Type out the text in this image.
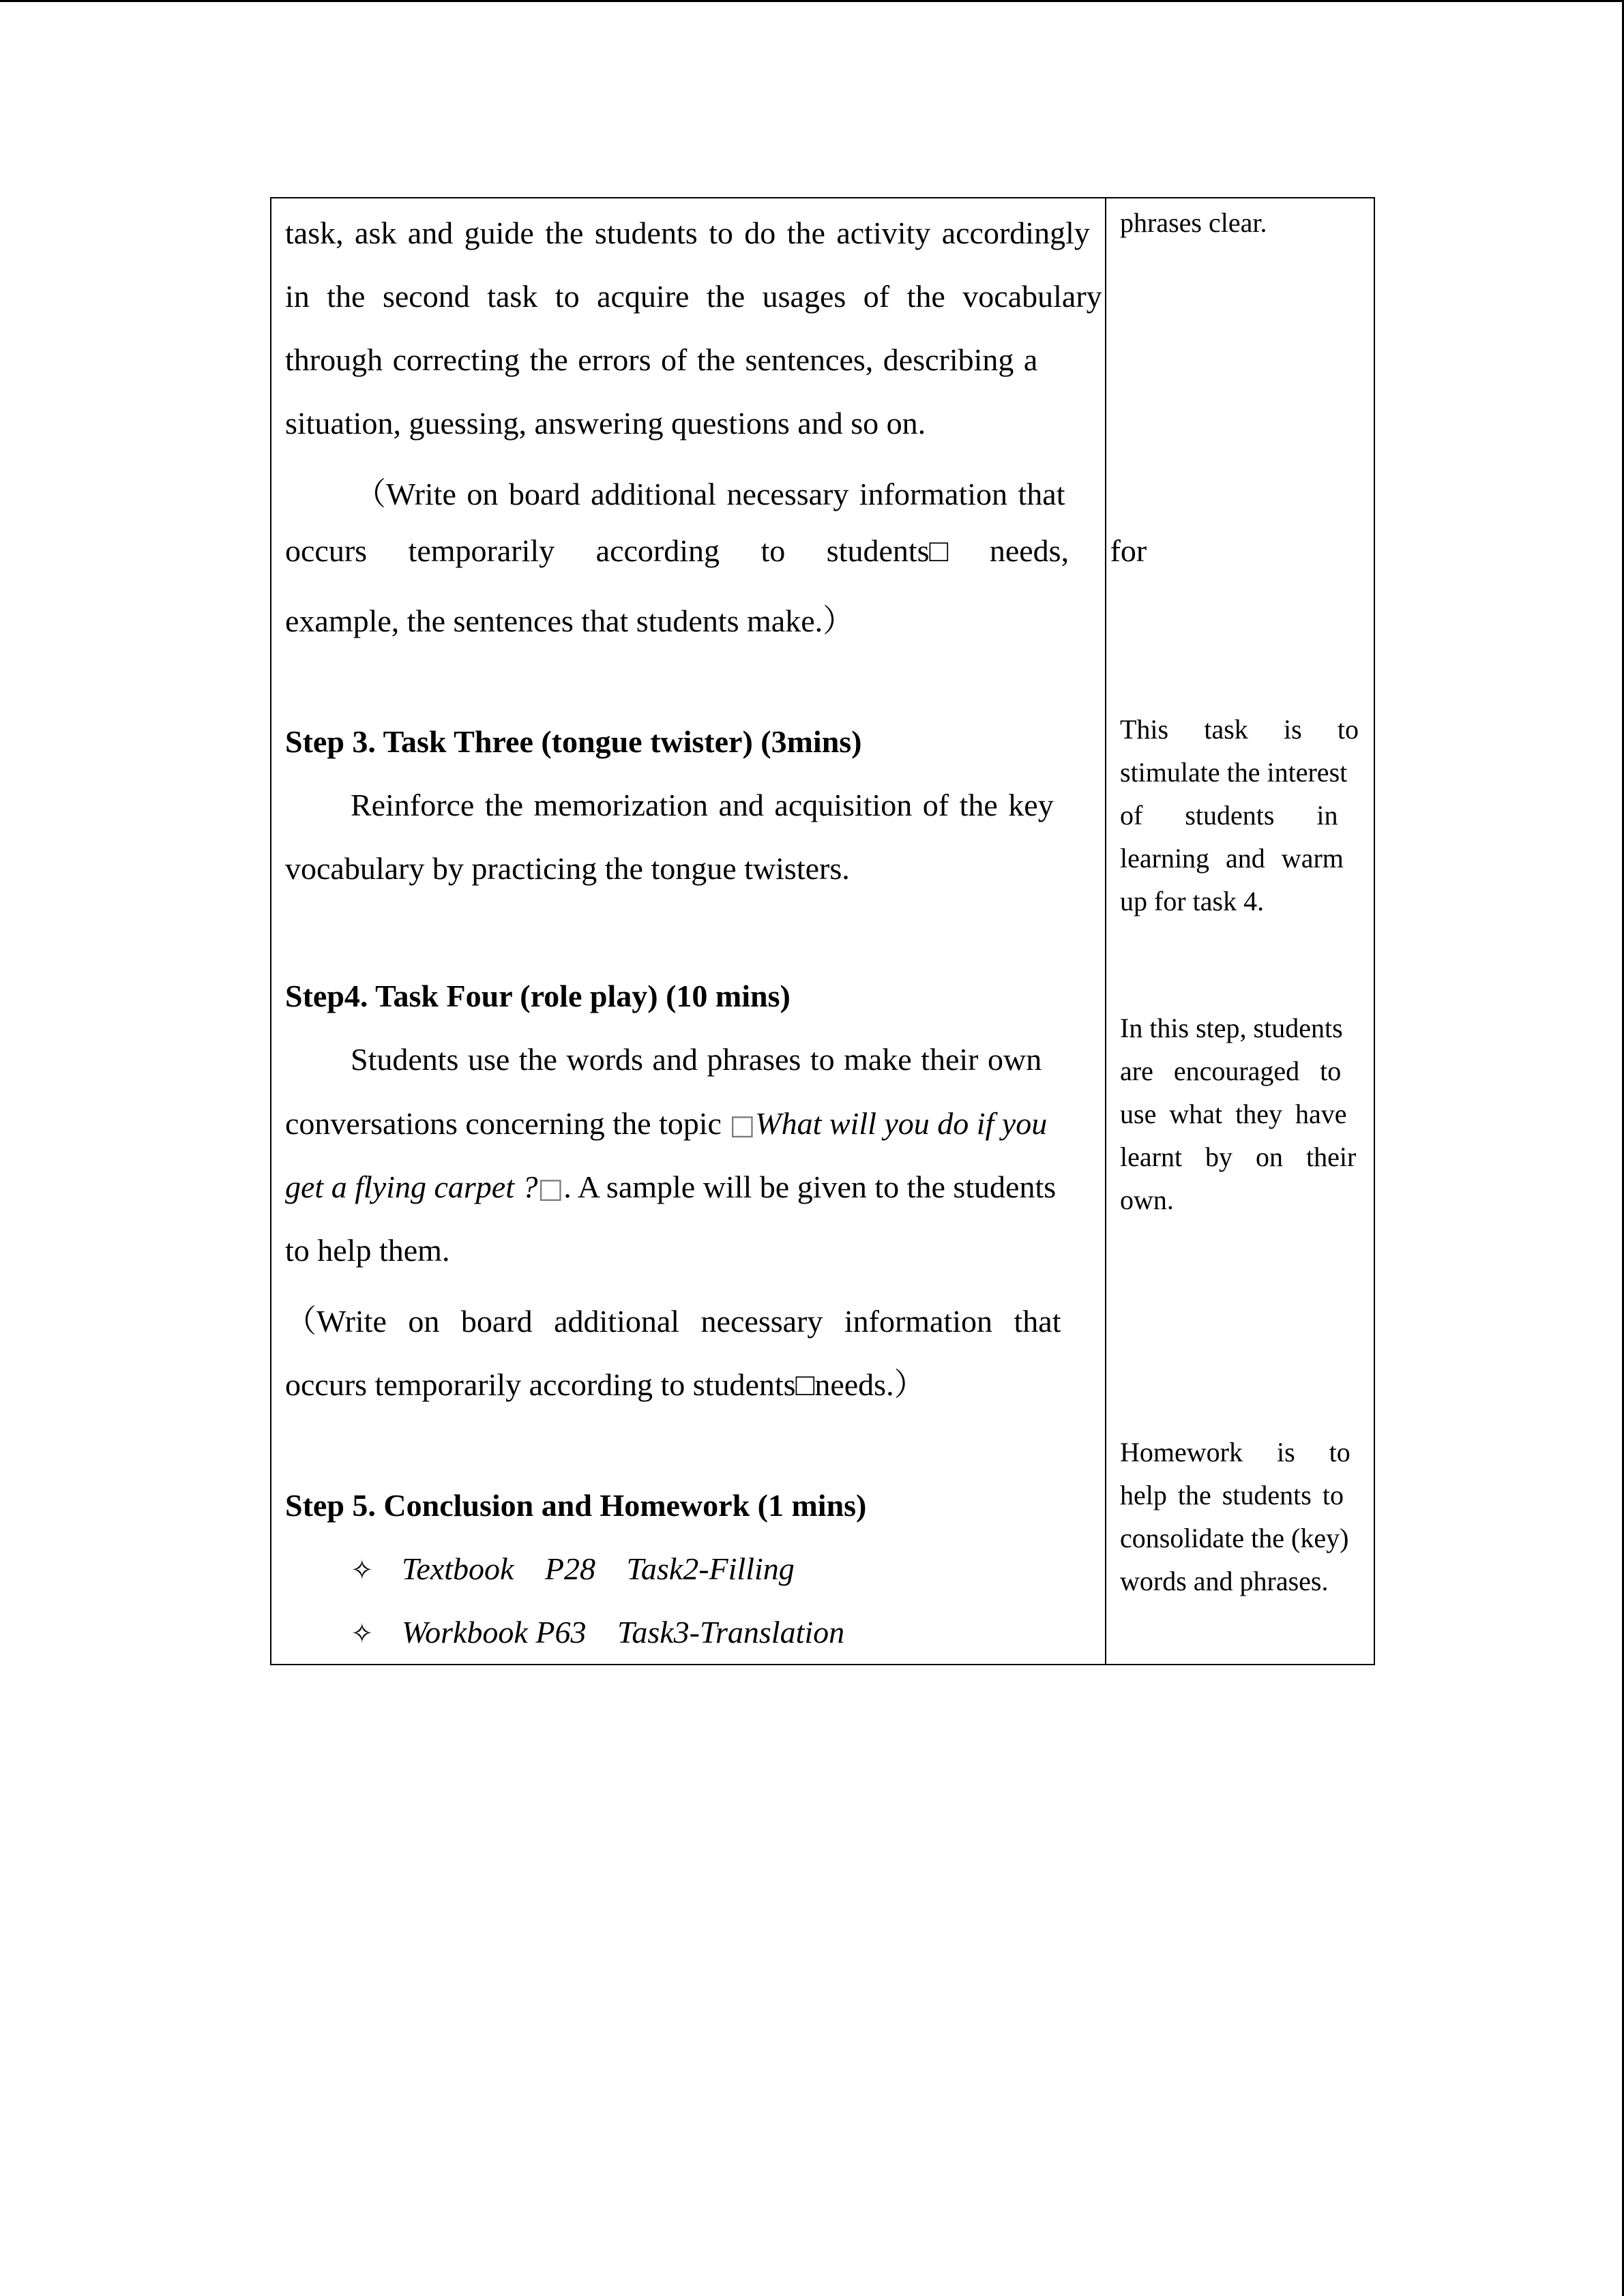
task, ask and guide the students to do the activity accordingly
in the second task to acquire the usages of the vocabulary
through correcting the errors of the sentences, describing a
situation, guessing, answering questions and so on.
（Write on board additional necessary information that
occurs temporarily according to students□ needs, for
example, the sentences that students make.）
Step 3. Task Three (tongue twister) (3mins)
Reinforce the memorization and acquisition of the key
vocabulary by practicing the tongue twisters.
Step4. Task Four (role play) (10 mins)
Students use the words and phrases to make their own
conversations concerning the topic □What will you do if you
get a flying carpet ?□. A sample will be given to the students
to help them.
（Write on board additional necessary information that
occurs temporarily according to students□needs.）
Step 5. Conclusion and Homework (1 mins)
✧ Textbook P28 Task2-Filling
✧ Workbook P63 Task3-Translation
phrases clear.
This task is to
stimulate the interest
of students in
learning and warm
up for task 4.
In this step, students
are encouraged to
use what they have
learnt by on their
own.
Homework is to
help the students to
consolidate the (key)
words and phrases.
